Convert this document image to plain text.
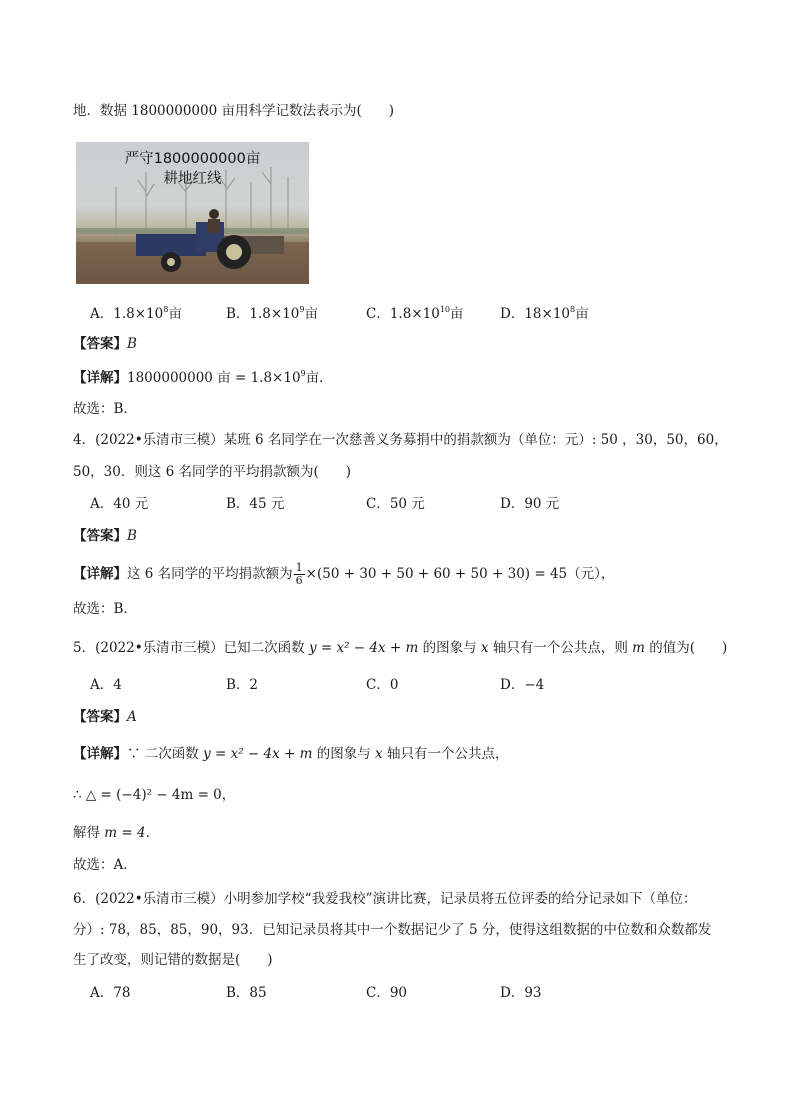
地．数据 1800000000 亩用科学记数法表示为(　　)
严守1800000000亩
耕地红线
A．$1.8\times 10^8$亩	B．$1.8\times 10^9$亩	C．$1.8\times 10^{10}$亩	D．$18\times 10^8$亩
【答案】B
【详解】1800000000 亩 = $1.8\times 10^9$亩．
故选：B．
4．(2022•乐清市三模）某班 6 名同学在一次慈善义务募捐中的捐款额为（单位：元）: 50 ，30，50，60，
50，30．则这 6 名同学的平均捐款额为(　　)
A．40 元	B．45 元	C．50 元	D．90 元
【答案】B
【详解】这 6 名同学的平均捐款额为 $\frac{1}{6} \times(50 + 30 + 50 + 60 + 50 + 30) = 45$（元），
故选：B．
5．(2022•乐清市三模）已知二次函数 y = x² − 4x + m 的图象与 x 轴只有一个公共点，则 m 的值为(　　)
A．4	B．2	C．0	D．−4
【答案】A
【详解】∵ 二次函数 y = x² − 4x + m 的图象与 x 轴只有一个公共点，
∴ △ = (−4)² − 4m = 0，
解得 m = 4．
故选：A．
6．(2022•乐清市三模）小明参加学校“我爱我校”演讲比赛，记录员将五位评委的给分记录如下（单位：
分）: 78，85，85，90，93．已知记录员将其中一个数据记少了 5 分，使得这组数据的中位数和众数都发
生了改变，则记错的数据是(　　)
A．78	B．85	C．90	D．93
